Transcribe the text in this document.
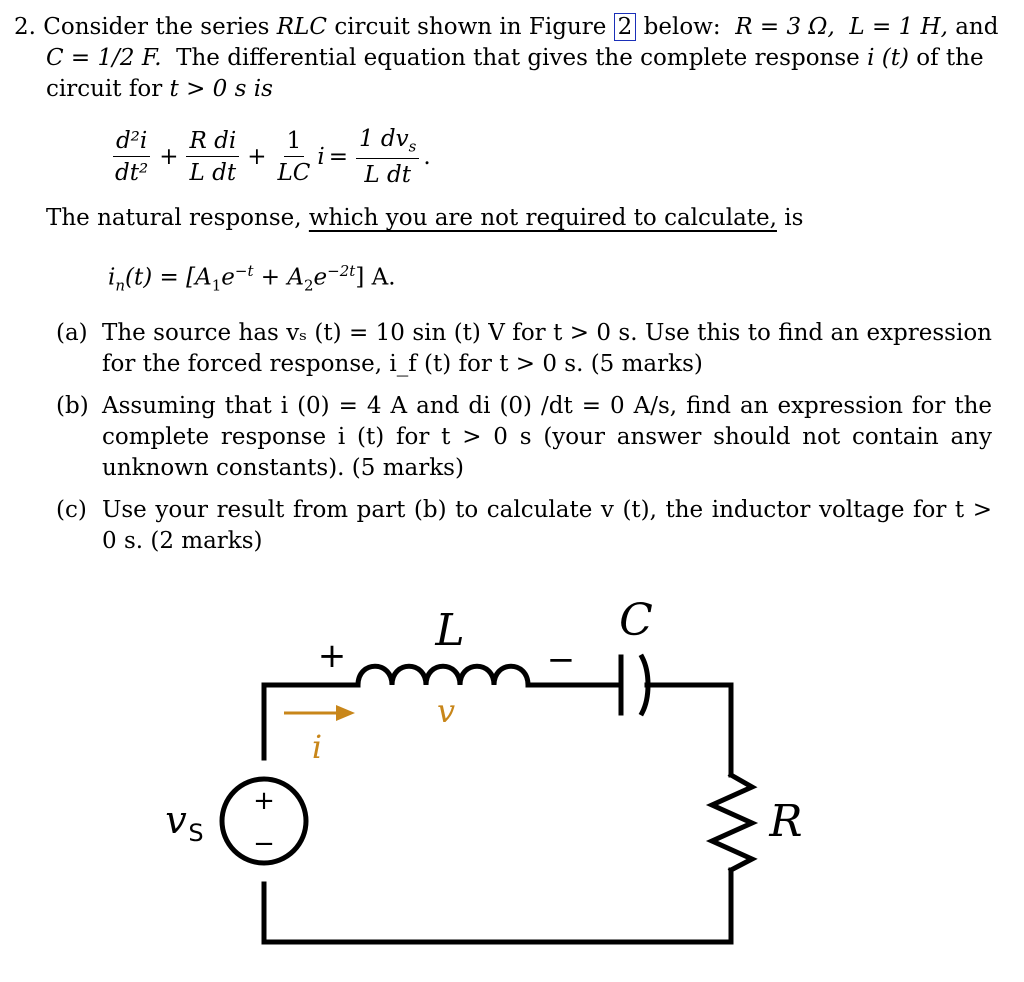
2. Consider the series RLC circuit shown in Figure 2 below: R = 3 Ω, L = 1 H, and
C = 1/2 F. The differential equation that gives the complete response i (t) of the
circuit for t > 0 s is
$\frac{\text{d²i}}{\text{dt²}} + \frac{\text{R di}}{\text{L dt}} + \frac{1}{LC}$ $i = \frac{1 dv_s}{\text{L dt}}$ .
The natural response, which you are not required to calculate, is
$i_n(t) = [A_1e^{-t} + A_2e^{-2t}]$ A.
(a) The source has vₛ (t) = 10 sin (t) V for t > 0 s. Use this to find an expression for the forced response, i_f (t) for t > 0 s. (5 marks)
(b) Assuming that i (0) = 4 A and di (0) /dt = 0 A/s, find an expression for the complete response i (t) for t > 0 s (your answer should not contain any unknown constants). (5 marks)
(c) Use your result from part (b) to calculate v (t), the inductor voltage for t > 0 s. (2 marks)
+
−
L	C
R
+	−
v
i
v S
